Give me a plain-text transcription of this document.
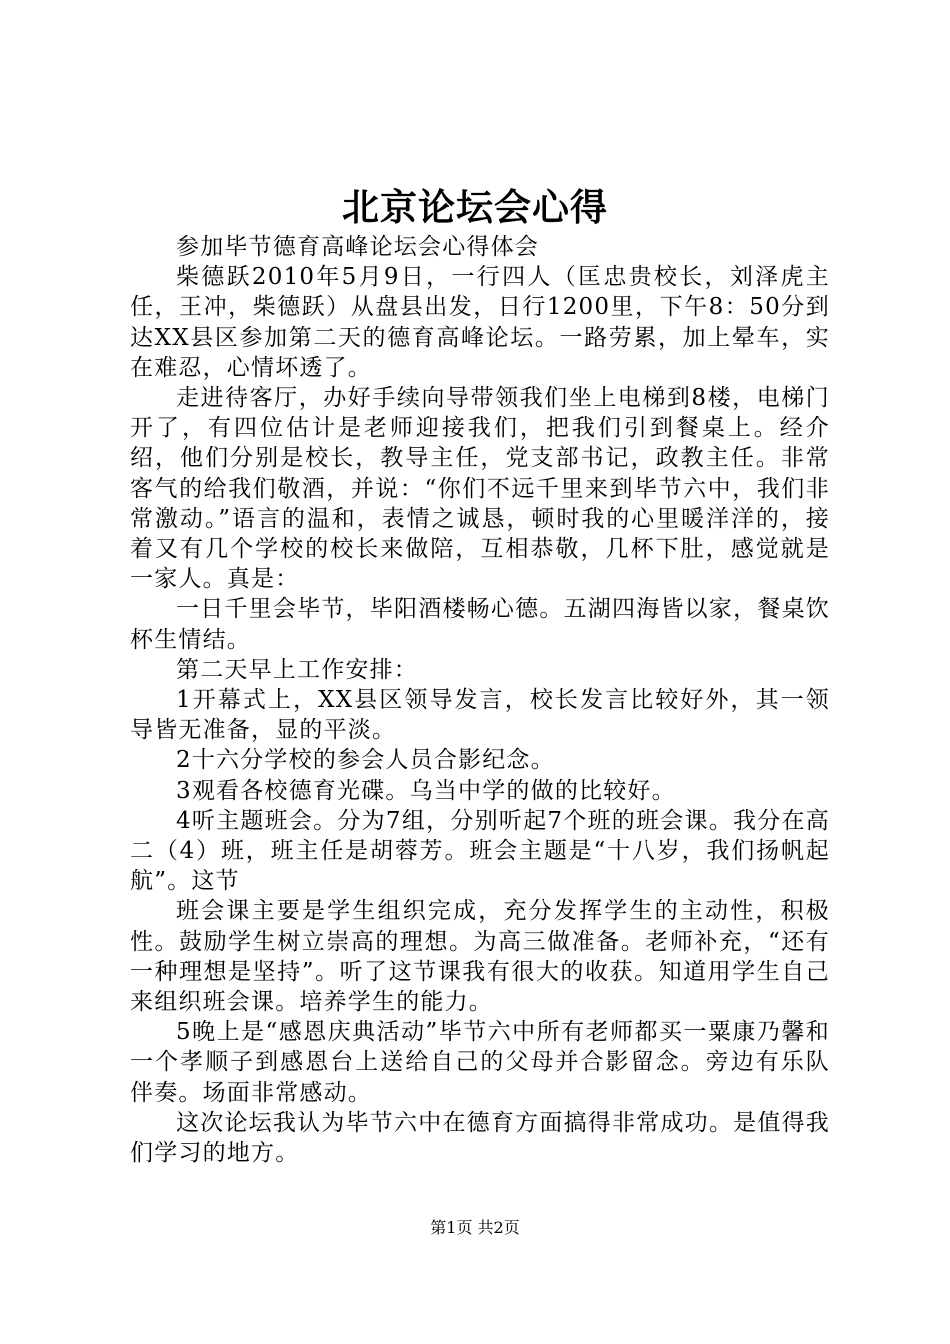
北京论坛会心得

参加毕节德育高峰论坛会心得体会

柴德跃2010年5月9日，一行四人（匡忠贵校长，刘泽虎主任，王冲，柴德跃）从盘县出发，日行1200里，下午8：50分到达XX县区参加第二天的德育高峰论坛。一路劳累，加上晕车，实在难忍，心情坏透了。

走进待客厅，办好手续向导带领我们坐上电梯到8楼，电梯门开了，有四位估计是老师迎接我们，把我们引到餐桌上。经介绍，他们分别是校长，教导主任，党支部书记，政教主任。非常客气的给我们敬酒，并说：“你们不远千里来到毕节六中，我们非常激动。”语言的温和，表情之诚恳，顿时我的心里暖洋洋的，接着又有几个学校的校长来做陪，互相恭敬，几杯下肚，感觉就是一家人。真是：

一日千里会毕节，毕阳酒楼畅心德。五湖四海皆以家，餐桌饮杯生情结。

第二天早上工作安排：

1开幕式上，XX县区领导发言，校长发言比较好外，其一领导皆无准备，显的平淡。

2十六分学校的参会人员合影纪念。

3观看各校德育光碟。乌当中学的做的比较好。

4听主题班会。分为7组，分别听起7个班的班会课。我分在高二（4）班，班主任是胡蓉芳。班会主题是“十八岁，我们扬帆起航”。这节

班会课主要是学生组织完成，充分发挥学生的主动性，积极性。鼓励学生树立崇高的理想。为高三做准备。老师补充，“还有一种理想是坚持”。听了这节课我有很大的收获。知道用学生自己来组织班会课。培养学生的能力。

5晚上是“感恩庆典活动”毕节六中所有老师都买一粟康乃馨和一个孝顺子到感恩台上送给自己的父母并合影留念。旁边有乐队伴奏。场面非常感动。

这次论坛我认为毕节六中在德育方面搞得非常成功。是值得我们学习的地方。

第1页 共2页
